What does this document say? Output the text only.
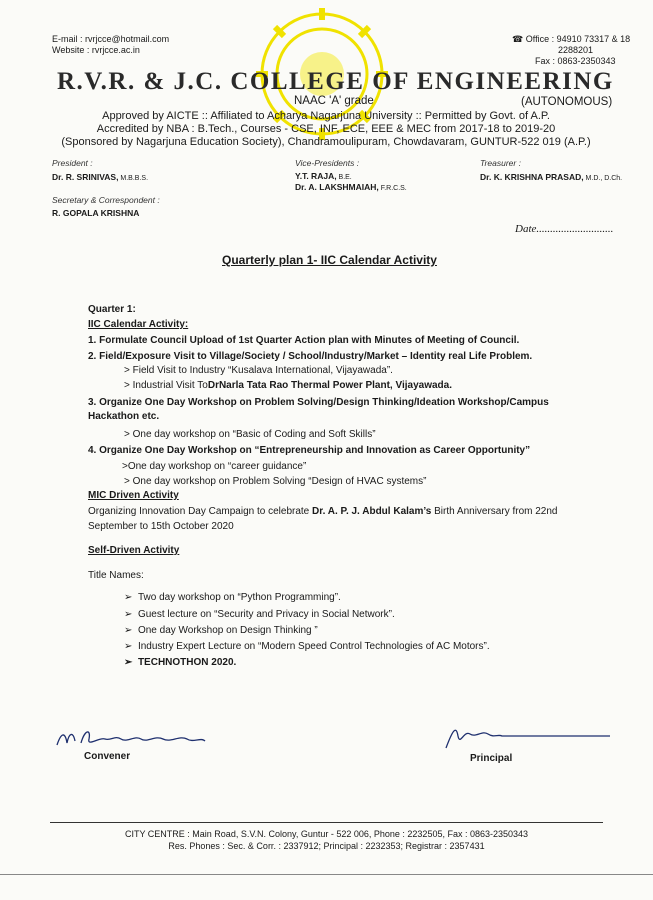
E-mail : rvrjcce@hotmail.com
Website : rvrjcce.ac.in
☎ Office : 94910 73317 & 18
2288201
Fax : 0863-2350343
R.V.R. & J.C. COLLEGE OF ENGINEERING
NAAC 'A' grade	(AUTONOMOUS)
Approved by AICTE :: Affiliated to Acharya Nagarjuna University :: Permitted by Govt. of A.P.
Accredited by NBA : B.Tech., Courses - CSE, INF, ECE, EEE & MEC from 2017-18 to 2019-20
(Sponsored by Nagarjuna Education Society), Chandramoulipuram, Chowdavaram, GUNTUR-522 019 (A.P.)
President :
Dr. R. SRINIVAS, M.B.B.S.
Vice-Presidents :
Y.T. RAJA, B.E.
Dr. A. LAKSHMAIAH, F.R.C.S.
Treasurer :
Dr. K. KRISHNA PRASAD, M.D., D.Ch.
Secretary & Correspondent :
R. GOPALA KRISHNA
Date............................
Quarterly plan 1- IIC Calendar Activity
Quarter 1:
IIC Calendar Activity:
1. Formulate Council Upload of 1st Quarter Action plan with Minutes of Meeting of Council.
2. Field/Exposure Visit to Village/Society / School/Industry/Market – Identity real Life Problem.
> Field Visit to Industry “Kusalava International, Vijayawada”.
> Industrial Visit ToDrNarla Tata Rao Thermal Power Plant, Vijayawada.
3. Organize One Day Workshop on Problem Solving/Design Thinking/Ideation Workshop/Campus
Hackathon etc.
> One day workshop on “Basic of Coding and Soft Skills”
4. Organize One Day Workshop on “Entrepreneurship and Innovation as Career Opportunity”
>One day workshop on “career guidance”
> One day workshop on Problem Solving “Design of HVAC systems”
MIC Driven Activity
Organizing Innovation Day Campaign to celebrate Dr. A. P. J. Abdul Kalam’s Birth Anniversary from 22nd
September to 15th October 2020
Self-Driven Activity
Title Names:
➢ Two day workshop on “Python Programming”.
➢ Guest lecture on “Security and Privacy in Social Network”.
➢ One day Workshop on Design Thinking ”
➢ Industry Expert Lecture on “Modern Speed Control Technologies of AC Motors”.
➢ TECHNOTHON 2020.
Convener	Principal
CITY CENTRE : Main Road, S.V.N. Colony, Guntur - 522 006, Phone : 2232505, Fax : 0863-2350343
Res. Phones : Sec. & Corr. : 2337912; Principal : 2232353; Registrar : 2357431
